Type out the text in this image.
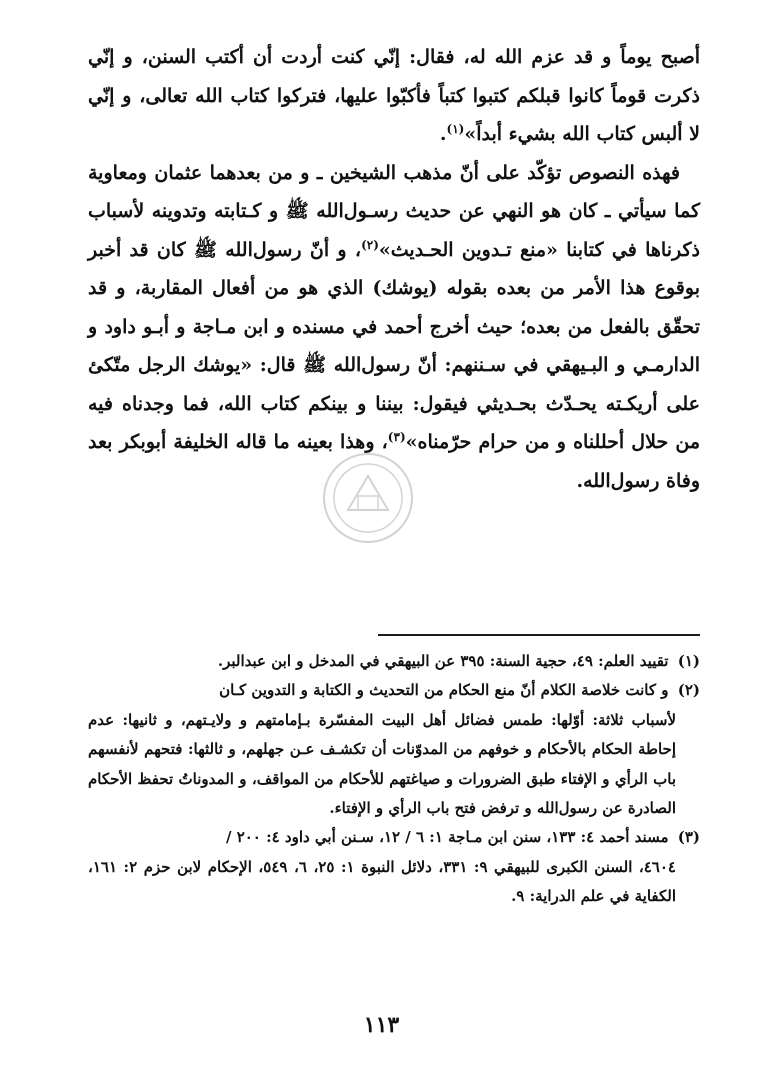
أصبح يوماً و قد عزم الله له، فقال: إنّي كنت أردت أن أكتب السنن، و إنّي ذكرت قوماً كانوا قبلكم كتبوا كتباً فأكبّوا عليها، فتركوا كتاب الله تعالى، و إنّي لا ألبس كتاب الله بشيء أبداً»$^{(١)}$.

فهذه النصوص تؤكّد على أنّ مذهب الشيخين ـ و من بعدهما عثمان ومعاوية كما سيأتي ـ كان هو النهي عن حديث رسـول‌الله ﷺ و كـتابته وتدوينه لأسباب ذكرناها في كتابنا «منع تـدوين الحـديث»$^{(٢)}$، و أنّ رسول‌الله ﷺ كان قد أخبر بوقوع هذا الأمر من بعده بقوله (يوشك) الذي هو من أفعال المقاربة، و قد تحقّق بالفعل من بعده؛ حيث أخرج أحمد في مسنده و ابن مـاجة و أبـو داود و الدارمـي و البـيهقي في سـننهم: أنّ رسول‌الله ﷺ قال: «يوشك الرجل متّكئ على أريكـته يحـدّث بحـديثي فيقول: بيننا و بينكم كتاب الله، فما وجدناه فيه من حلال أحللناه و من حرام حرّمناه»$^{(٣)}$، وهذا بعينه ما قاله الخليفة أبوبكر بعد وفاة رسول‌الله.

(١) تقييد العلم: ٤٩، حجية السنة: ٣٩٥ عن البيهقي في المدخل و ابن عبدالبر.

(٢) و كانت خلاصة الكلام أنّ منع الحكام من التحديث و الكتابة و التدوين كـان

لأسباب ثلاثة: أوّلها: طمس فضائل أهل البيت المفسّرة بـإمامتهم و ولايـتهم، و ثانيها: عدم إحاطة الحكام بالأحكام و خوفهم من المدوّنات أن تكشـف عـن جهلهم، و ثالثها: فتحهم لأنفسهم باب الرأي و الإفتاء طبق الضرورات و صياغتهم للأحكام من المواقف، و المدوناتُ تحفظ الأحكام الصادرة عن رسول‌الله و ترفض فتح باب الرأي و الإفتاء.

(٣) مسند أحمد ٤: ١٣٣، سنن ابن مـاجة ١: ٦ / ١٢، سـنن أبي داود ٤: ٢٠٠ /

٤٦٠٤، السنن الكبرى للبيهقي ٩: ٣٣١، دلائل النبوة ١: ٢٥، ٦، ٥٤٩، الإحكام لابن حزم ٢: ١٦١، الكفاية في علم الدراية: ٩.

١١٣
